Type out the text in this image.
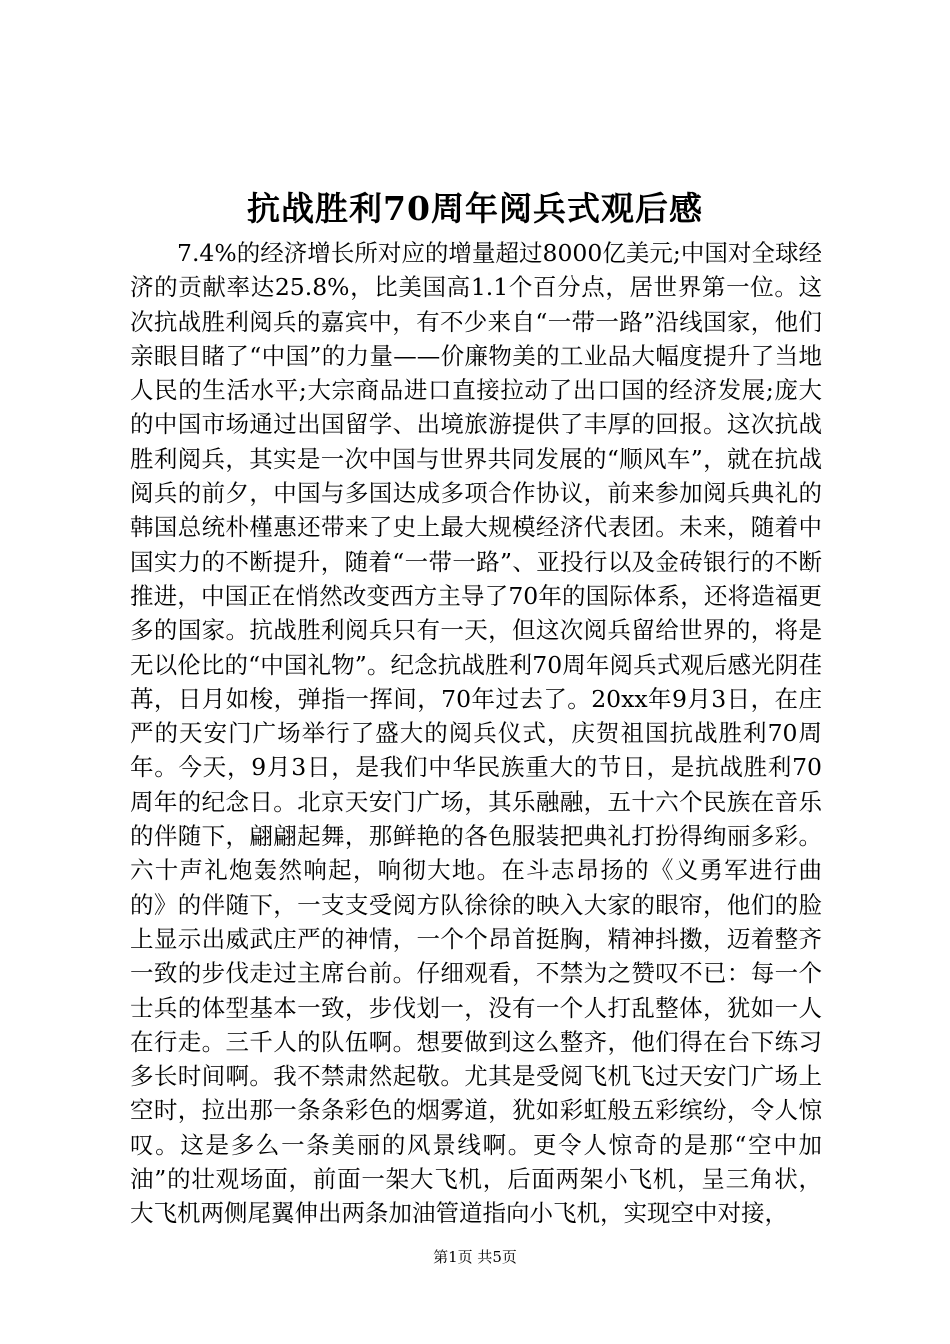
抗战胜利70周年阅兵式观后感
7.4%的经济增长所对应的增量超过8000亿美元;中国对全球经济的贡献率达25.8%，比美国高1.1个百分点，居世界第一位。这次抗战胜利阅兵的嘉宾中，有不少来自“一带一路”沿线国家，他们亲眼目睹了“中国”的力量——价廉物美的工业品大幅度提升了当地人民的生活水平;大宗商品进口直接拉动了出口国的经济发展;庞大的中国市场通过出国留学、出境旅游提供了丰厚的回报。这次抗战胜利阅兵，其实是一次中国与世界共同发展的“顺风车”，就在抗战阅兵的前夕，中国与多国达成多项合作协议，前来参加阅兵典礼的韩国总统朴槿惠还带来了史上最大规模经济代表团。未来，随着中国实力的不断提升，随着“一带一路”、亚投行以及金砖银行的不断推进，中国正在悄然改变西方主导了70年的国际体系，还将造福更多的国家。抗战胜利阅兵只有一天，但这次阅兵留给世界的，将是无以伦比的“中国礼物”。纪念抗战胜利70周年阅兵式观后感光阴荏苒，日月如梭，弹指一挥间，70年过去了。20xx年9月3日，在庄严的天安门广场举行了盛大的阅兵仪式，庆贺祖国抗战胜利70周年。今天，9月3日，是我们中华民族重大的节日，是抗战胜利70周年的纪念日。北京天安门广场，其乐融融，五十六个民族在音乐的伴随下，翩翩起舞，那鲜艳的各色服装把典礼打扮得绚丽多彩。六十声礼炮轰然响起，响彻大地。在斗志昂扬的《义勇军进行曲的》的伴随下，一支支受阅方队徐徐的映入大家的眼帘，他们的脸上显示出威武庄严的神情，一个个昂首挺胸，精神抖擞，迈着整齐一致的步伐走过主席台前。仔细观看，不禁为之赞叹不已：每一个士兵的体型基本一致，步伐划一，没有一个人打乱整体，犹如一人在行走。三千人的队伍啊。想要做到这么整齐，他们得在台下练习多长时间啊。我不禁肃然起敬。尤其是受阅飞机飞过天安门广场上空时，拉出那一条条彩色的烟雾道，犹如彩虹般五彩缤纷，令人惊叹。这是多么一条美丽的风景线啊。更令人惊奇的是那“空中加油”的壮观场面，前面一架大飞机，后面两架小飞机，呈三角状，大飞机两侧尾翼伸出两条加油管道指向小飞机，实现空中对接，
第1页 共5页
